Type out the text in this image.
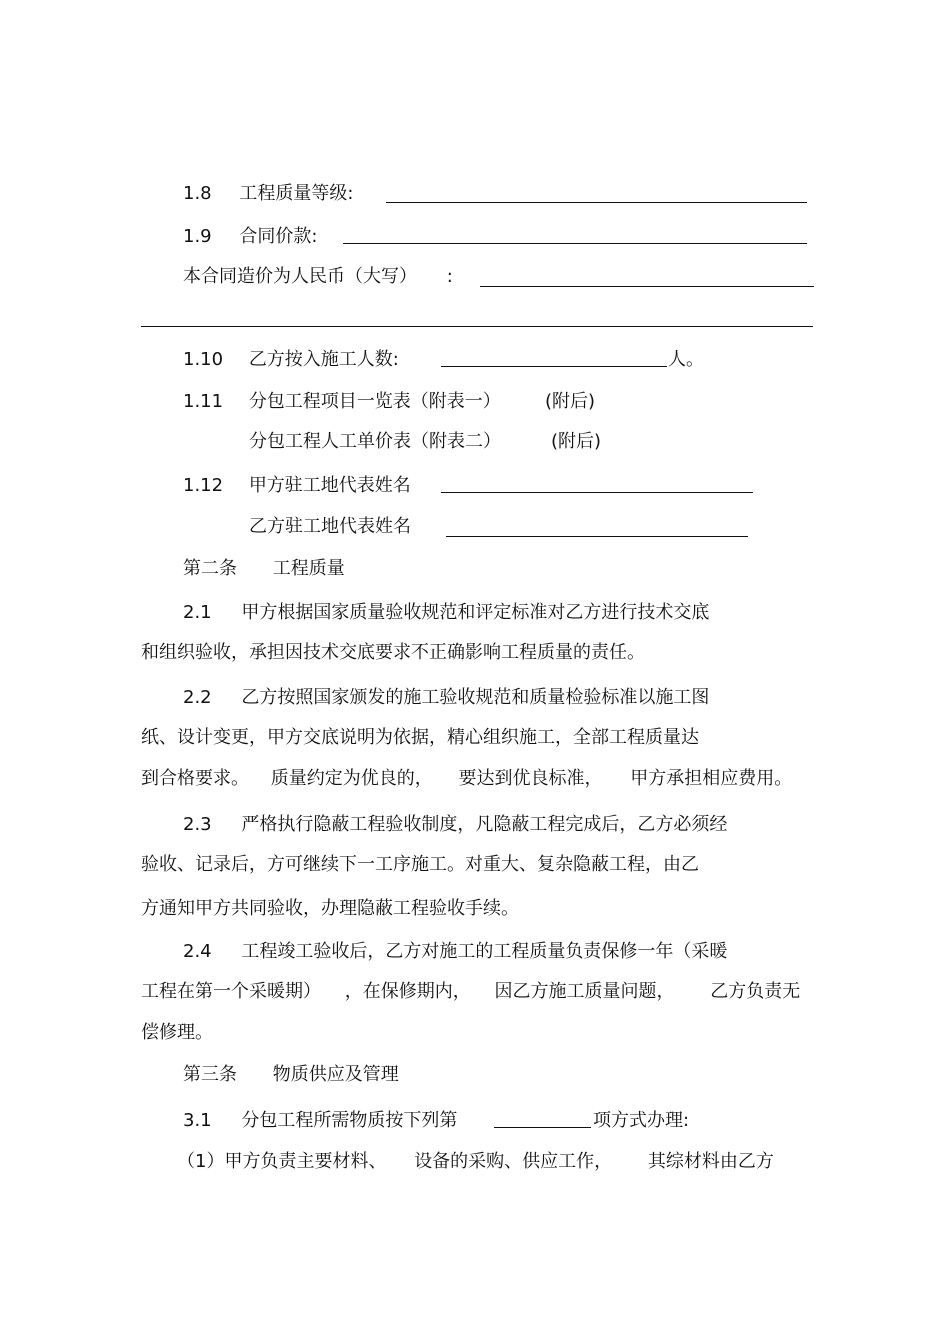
1.8 工程质量等级:
1.9 合同价款:
本合同造价为人民币（大写） :
1.10 乙方按入施工人数:	人。
1.11 分包工程项目一览表（附表一） (附后)
分包工程人工单价表（附表二）	(附后)
1.12 甲方驻工地代表姓名
乙方驻工地代表姓名
第二条 工程质量
2.1 甲方根据国家质量验收规范和评定标准对乙方进行技术交底
和组织验收，承担因技术交底要求不正确影响工程质量的责任。
2.2 乙方按照国家颁发的施工验收规范和质量检验标准以施工图
纸、设计变更，甲方交底说明为依据，精心组织施工，全部工程质量达
到合格要求。 质量约定为优良的， 要达到优良标准， 甲方承担相应费用。
2.3 严格执行隐蔽工程验收制度，凡隐蔽工程完成后，乙方必须经
验收、记录后，方可继续下一工序施工。对重大、复杂隐蔽工程，由乙
方通知甲方共同验收，办理隐蔽工程验收手续。
2.4 工程竣工验收后，乙方对施工的工程质量负责保修一年（采暖
工程在第一个采暖期） ，在保修期内， 因乙方施工质量问题， 乙方负责无
偿修理。
第三条 物质供应及管理
3.1 分包工程所需物质按下列第	项方式办理:
（1）甲方负责主要材料、 设备的采购、供应工作， 其综材料由乙方
